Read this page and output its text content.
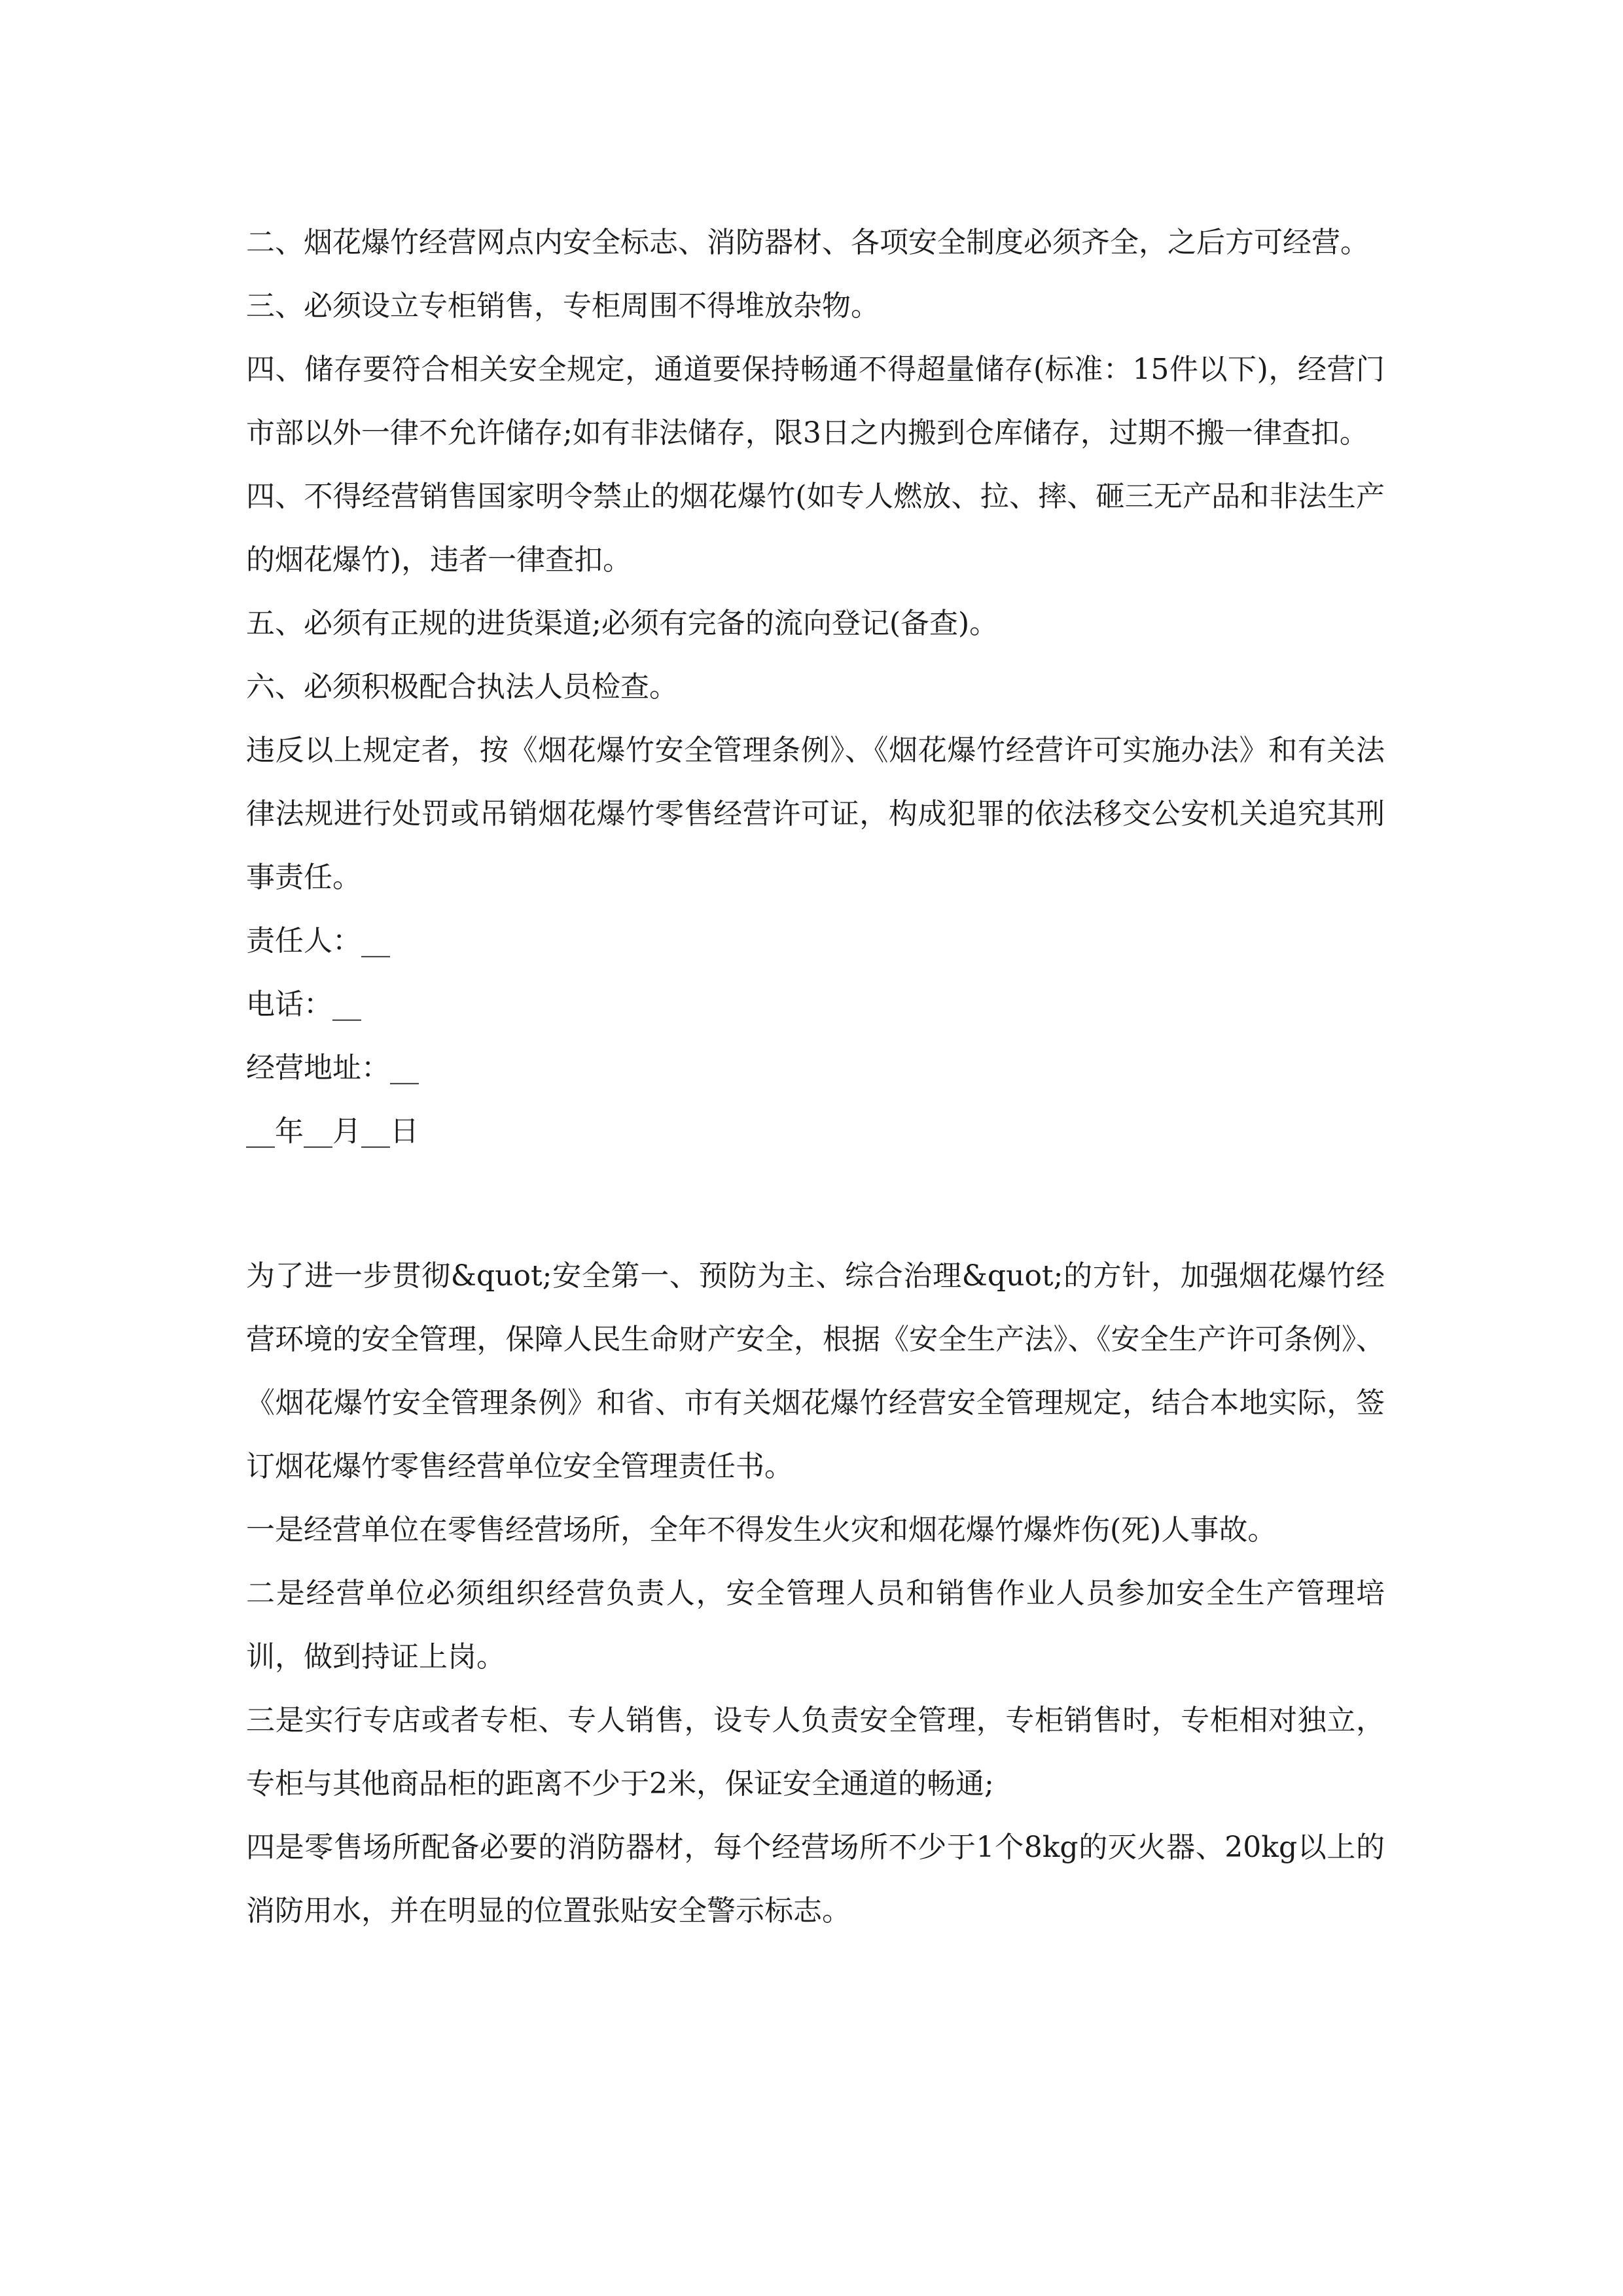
二、烟花爆竹经营网点内安全标志、消防器材、各项安全制度必须齐全，之后方可经营。

三、必须设立专柜销售，专柜周围不得堆放杂物。

四、储存要符合相关安全规定，通道要保持畅通不得超量储存(标准：15件以下)，经营门市部以外一律不允许储存;如有非法储存，限3日之内搬到仓库储存，过期不搬一律查扣。

四、不得经营销售国家明令禁止的烟花爆竹(如专人燃放、拉、摔、砸三无产品和非法生产的烟花爆竹)，违者一律查扣。

五、必须有正规的进货渠道;必须有完备的流向登记(备查)。

六、必须积极配合执法人员检查。

违反以上规定者，按《烟花爆竹安全管理条例》、《烟花爆竹经营许可实施办法》和有关法律法规进行处罚或吊销烟花爆竹零售经营许可证，构成犯罪的依法移交公安机关追究其刑事责任。

责任人：__

电话：__

经营地址：__

__年__月__日

为了进一步贯彻&quot;安全第一、预防为主、综合治理&quot;的方针，加强烟花爆竹经营环境的安全管理，保障人民生命财产安全，根据《安全生产法》、《安全生产许可条例》、《烟花爆竹安全管理条例》和省、市有关烟花爆竹经营安全管理规定，结合本地实际，签订烟花爆竹零售经营单位安全管理责任书。

一是经营单位在零售经营场所，全年不得发生火灾和烟花爆竹爆炸伤(死)人事故。

二是经营单位必须组织经营负责人，安全管理人员和销售作业人员参加安全生产管理培训，做到持证上岗。

三是实行专店或者专柜、专人销售，设专人负责安全管理，专柜销售时，专柜相对独立，专柜与其他商品柜的距离不少于2米，保证安全通道的畅通;

四是零售场所配备必要的消防器材，每个经营场所不少于1个8kg的灭火器、20kg以上的消防用水，并在明显的位置张贴安全警示标志。
